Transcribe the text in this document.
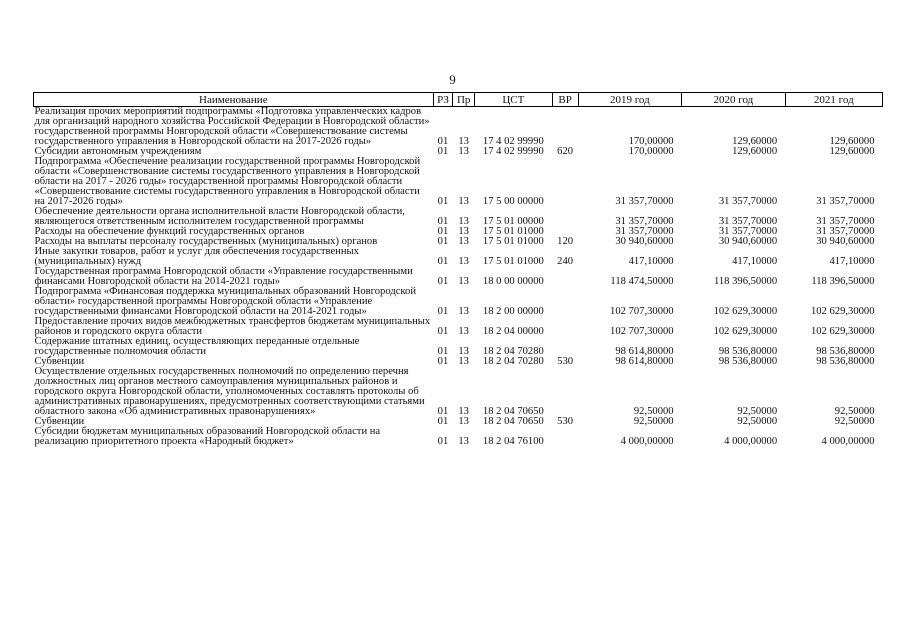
9
Наименование	РЗ	Пр	ЦСТ	ВР	2019 год	2020 год	2021 год
Реализация прочих мероприятий подпрограммы «Подготовка управленческих кадров для организаций народного хозяйства Российской Федерации в Новгородской области» государственной программы Новгородской области «Совершенствование системы государственного управления в Новгородской области на 2017-2026 годы»	01	13	17 4 02 99990		170,00000	129,60000	129,60000
Субсидии автономным учреждениям	01	13	17 4 02 99990	620	170,00000	129,60000	129,60000
Подпрограмма «Обеспечение реализации государственной программы Новгородской области «Совершенствование системы государственного управления в Новгородской области на 2017 - 2026 годы» государственной программы Новгородской области «Совершенствование системы государственного управления в Новгородской области на 2017-2026 годы»	01	13	17 5 00 00000		31 357,70000	31 357,70000	31 357,70000
Обеспечение деятельности органа исполнительной власти Новгородской области, являющегося ответственным исполнителем государственной программы	01	13	17 5 01 00000		31 357,70000	31 357,70000	31 357,70000
Расходы на обеспечение функций государственных органов	01	13	17 5 01 01000		31 357,70000	31 357,70000	31 357,70000
Расходы на выплаты персоналу государственных (муниципальных) органов	01	13	17 5 01 01000	120	30 940,60000	30 940,60000	30 940,60000
Иные закупки товаров, работ и услуг для обеспечения государственных (муниципальных) нужд	01	13	17 5 01 01000	240	417,10000	417,10000	417,10000
Государственная программа Новгородской области «Управление государственными финансами Новгородской области на 2014-2021 годы»	01	13	18 0 00 00000		118 474,50000	118 396,50000	118 396,50000
Подпрограмма «Финансовая поддержка муниципальных образований Новгородской области» государственной программы Новгородской области «Управление государственными финансами Новгородской области на 2014-2021 годы»	01	13	18 2 00 00000		102 707,30000	102 629,30000	102 629,30000
Предоставление прочих видов межбюджетных трансфертов бюджетам муниципальных районов и городского округа области	01	13	18 2 04 00000		102 707,30000	102 629,30000	102 629,30000
Содержание штатных единиц, осуществляющих переданные отдельные государственные полномочия области	01	13	18 2 04 70280		98 614,80000	98 536,80000	98 536,80000
Субвенции	01	13	18 2 04 70280	530	98 614,80000	98 536,80000	98 536,80000
Осуществление отдельных государственных полномочий по определению перечня должностных лиц органов местного самоуправления муниципальных районов и городского округа Новгородской области, уполномоченных составлять протоколы об административных правонарушениях, предусмотренных соответствующими статьями областного закона «Об административных правонарушениях»	01	13	18 2 04 70650		92,50000	92,50000	92,50000
Субвенции	01	13	18 2 04 70650	530	92,50000	92,50000	92,50000
Субсидии бюджетам муниципальных образований Новгородской области на реализацию приоритетного проекта «Народный бюджет»	01	13	18 2 04 76100		4 000,00000	4 000,00000	4 000,00000
